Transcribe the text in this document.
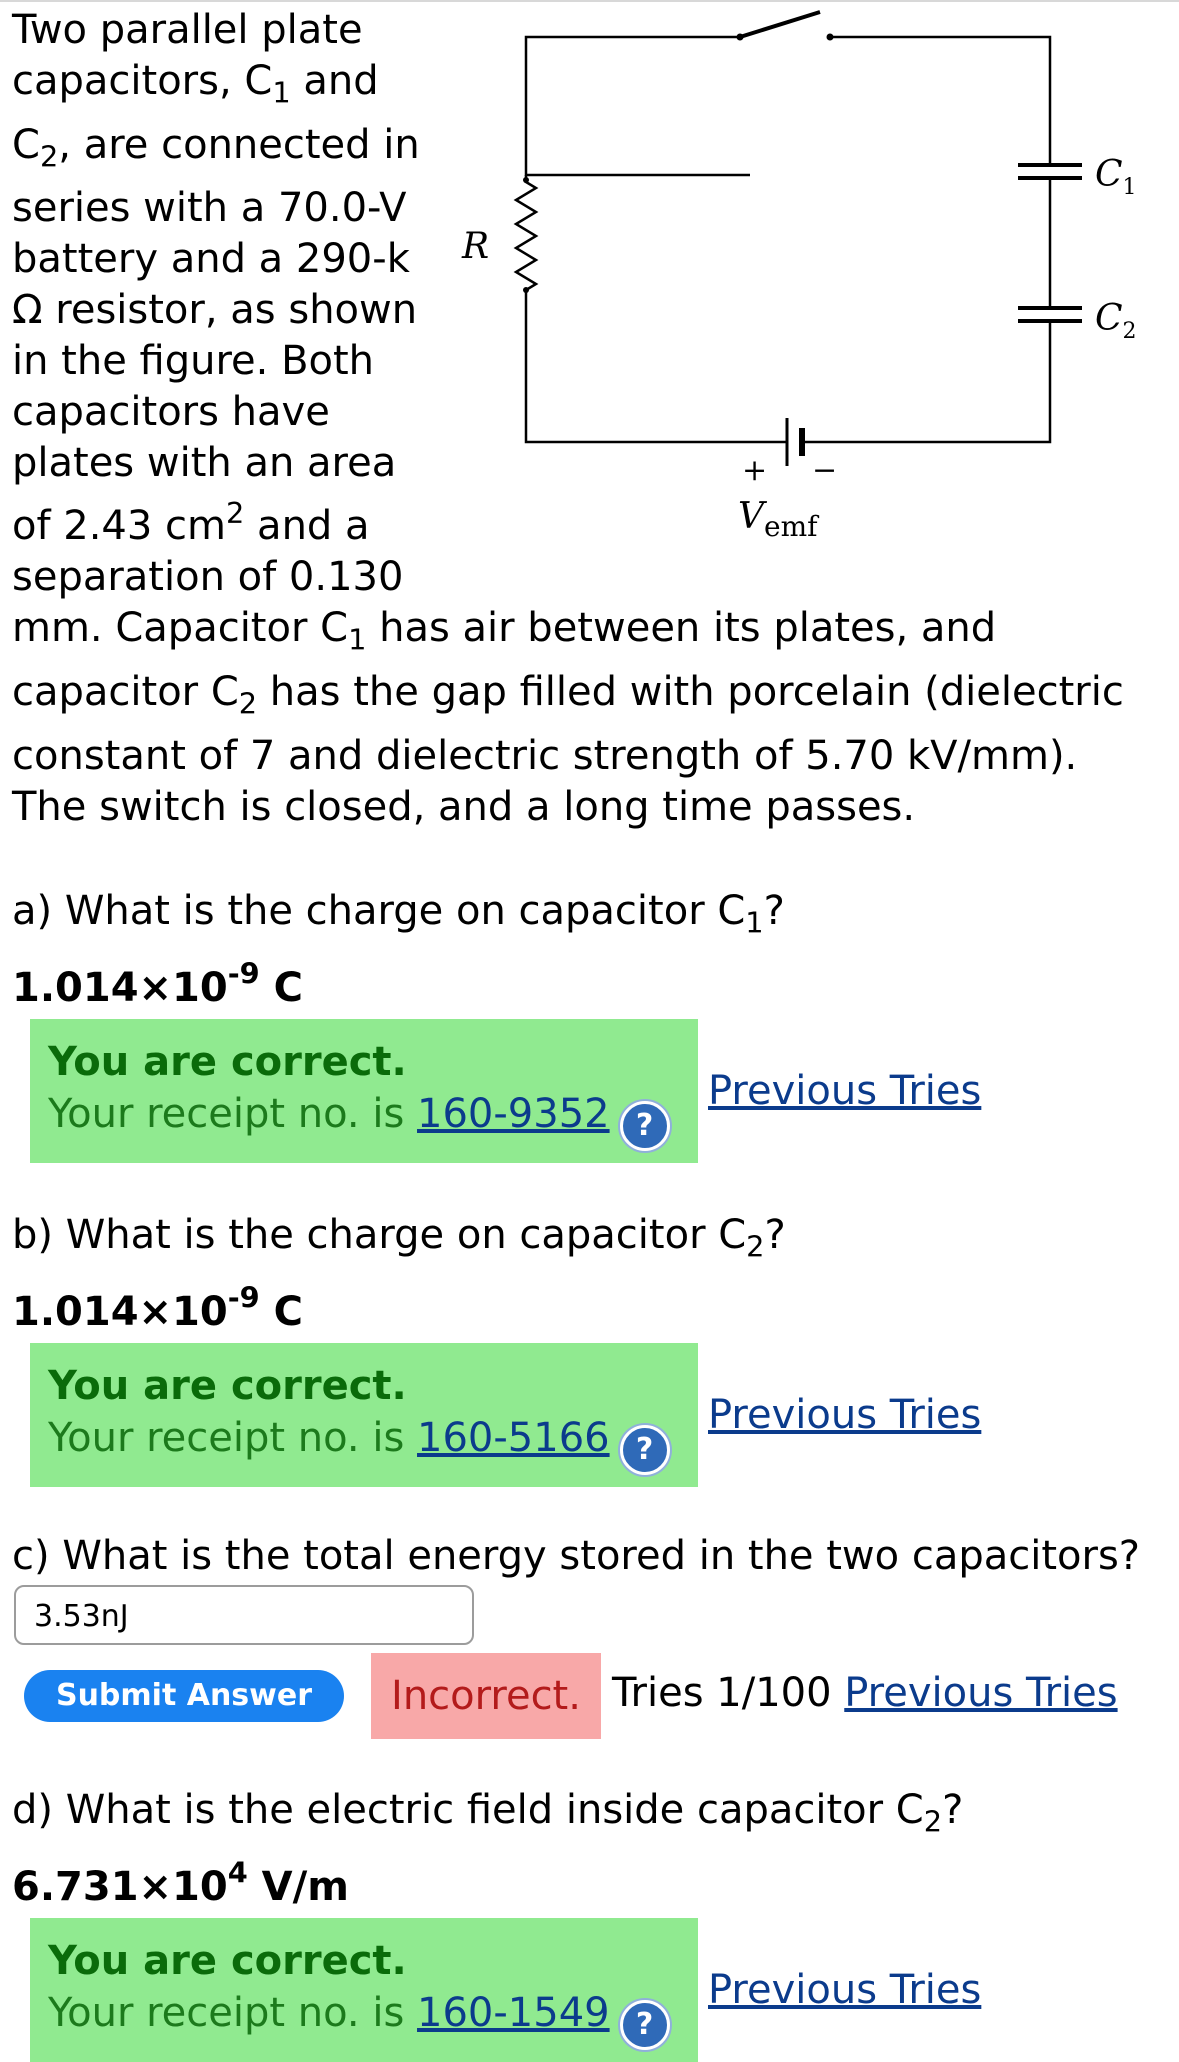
Two parallel plate
capacitors, $C_1$ and
$C_2$, are connected in
series with a 70.0-V
battery and a 290-k
Ω resistor, as shown
in the figure. Both
capacitors have
plates with an area
of 2.43 $cm^2$ and a
separation of 0.130
mm. Capacitor $C_1$ has air between its plates, and
capacitor $C_2$ has the gap filled with porcelain (dielectric
constant of 7 and dielectric strength of 5.70 kV/mm).
The switch is closed, and a long time passes.
R
$C_1$
$C_2$
$V_{emf}$
+ −
a) What is the charge on capacitor $C_1$?
$1.014\times 10^{-9}$ C
You are correct.
Your receipt no. is 160-9352 ?
Previous Tries
b) What is the charge on capacitor $C_2$?
$1.014\times 10^{-9}$ C
You are correct.
Your receipt no. is 160-5166 ?
Previous Tries
c) What is the total energy stored in the two capacitors?
3.53nJ
Submit Answer	Incorrect. Tries 1/100 Previous Tries
d) What is the electric field inside capacitor $C_2$?
$6.731\times 10^4$ V/m
You are correct.
Your receipt no. is 160-1549 ?
Previous Tries
